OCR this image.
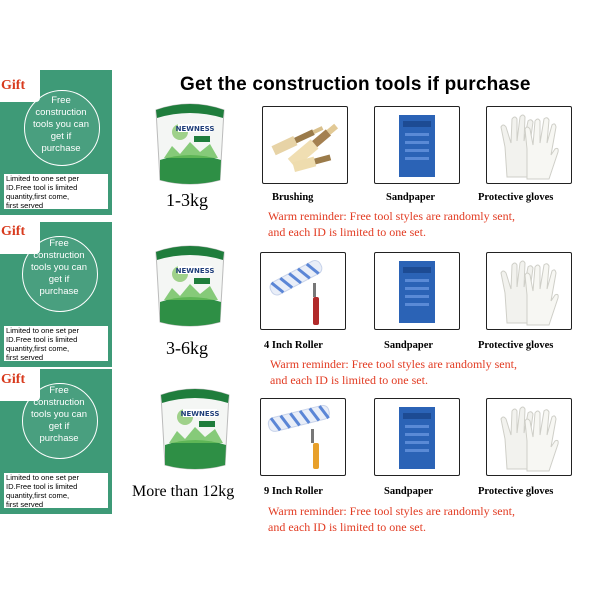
Get the construction tools if purchase
Free
construction
tools you can
get if
purchase
Limited to one set per
ID.Free tool is limited
quantity,first come,
first served
Gift
Free
construction
tools you can
get if
purchase
Limited to one set per
ID.Free tool is limited
quantity,first come,
first served
Gift
Free
construction
tools you can
get if
purchase
Limited to one set per
ID.Free tool is limited
quantity,first come,
first served
Gift
NEWNESS
NEWNESS
NEWNESS
1-3kg
3-6kg
More than 12kg
Brushing	Sandpaper	Protective gloves
Warm reminder: Free tool styles are randomly sent,
and each ID is limited to one set.
4 Inch Roller	Sandpaper	Protective gloves
Warm reminder: Free tool styles are randomly sent,
and each ID is limited to one set.
9 Inch Roller	Sandpaper	Protective gloves
Warm reminder: Free tool styles are randomly sent,
and each ID is limited to one set.
